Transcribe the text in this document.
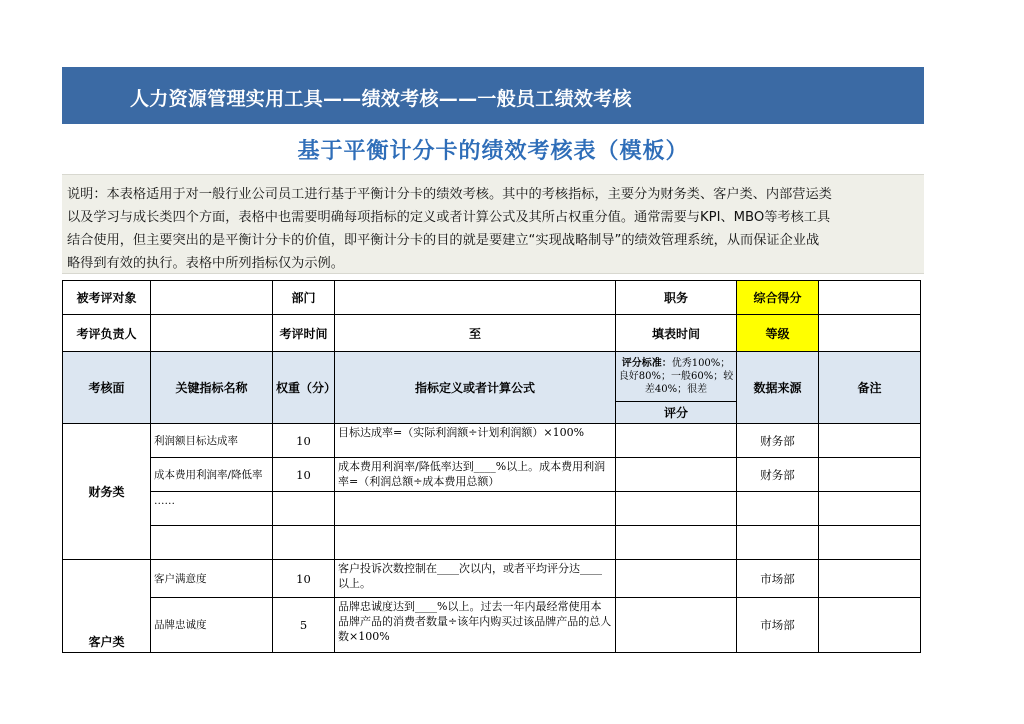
人力资源管理实用工具——绩效考核——一般员工绩效考核
基于平衡计分卡的绩效考核表（模板）
说明：本表格适用于对一般行业公司员工进行基于平衡计分卡的绩效考核。其中的考核指标，主要分为财务类、客户类、内部营运类
以及学习与成长类四个方面，表格中也需要明确每项指标的定义或者计算公式及其所占权重分值。通常需要与KPI、MBO等考核工具
结合使用，但主要突出的是平衡计分卡的价值，即平衡计分卡的目的就是要建立“实现战略制导”的绩效管理系统，从而保证企业战
略得到有效的执行。表格中所列指标仅为示例。
被考评对象		部门		职务	综合得分	
考评负责人		考评时间	至	填表时间	等级	
考核面	关键指标名称	权重（分）	指标定义或者计算公式	评分标准：优秀100%；良好80%；一般60%；较差40%；很差	数据来源	备注
				评分		
财务类	利润额目标达成率	10	目标达成率=（实际利润额÷计划利润额）×100%		财务部	
	成本费用利润率/降低率	10	成本费用利润率/降低率达到____%以上。成本费用利润率=（利润总额÷成本费用总额）		财务部	
	……					

客户类	客户满意度	10	客户投诉次数控制在____次以内，或者平均评分达____以上。		市场部	
	品牌忠诚度	5	品牌忠诚度达到____%以上。过去一年内最经常使用本品牌产品的消费者数量÷该年内购买过该品牌产品的总人数×100%		市场部	
